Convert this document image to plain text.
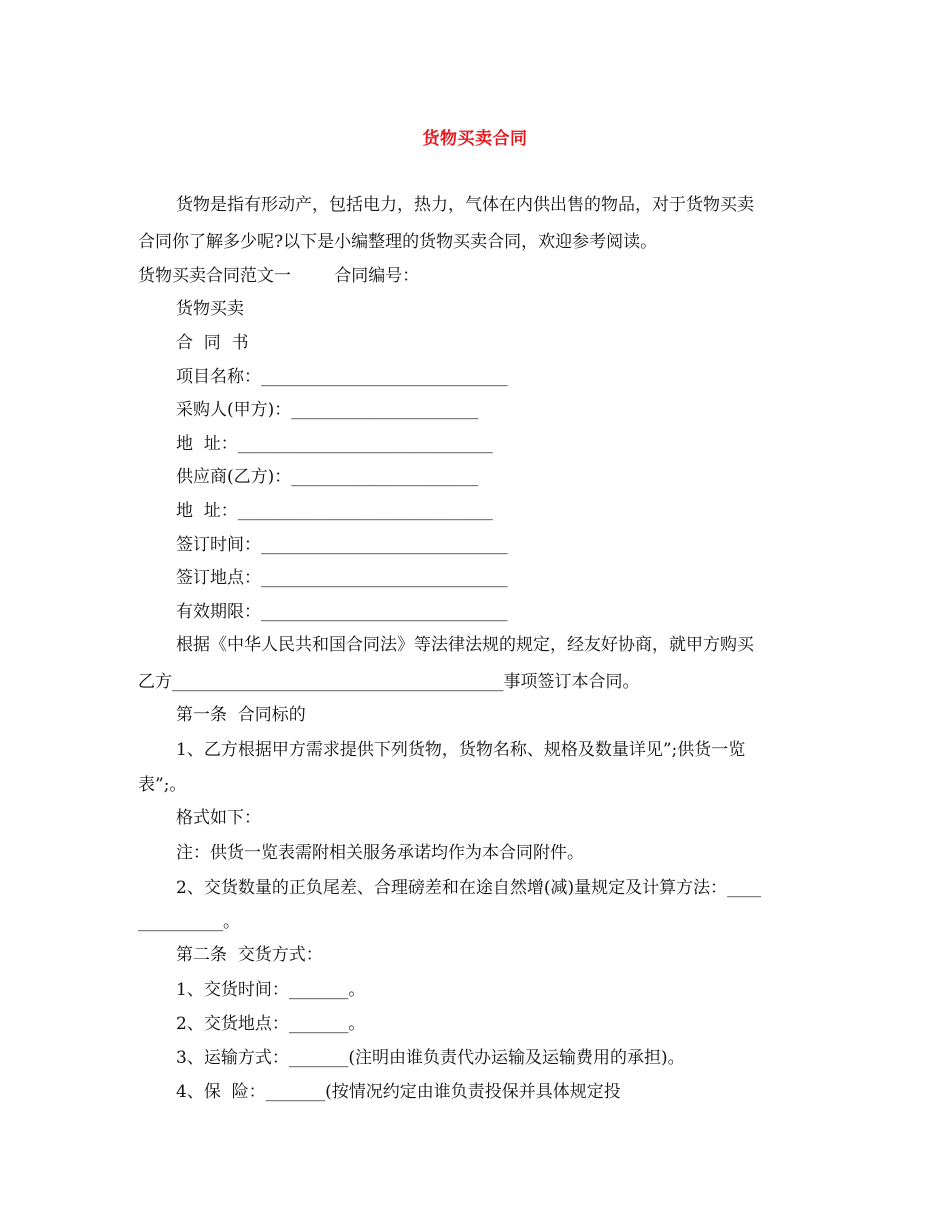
货物买卖合同
货物是指有形动产，包括电力，热力，气体在内供出售的物品，对于货物买卖
合同你了解多少呢?以下是小编整理的货物买卖合同，欢迎参考阅读。
货物买卖合同范文一        合同编号：
货物买卖
合  同  书
项目名称：_____________________________
采购人(甲方)：______________________
地  址：______________________________
供应商(乙方)：______________________
地  址：______________________________
签订时间：_____________________________
签订地点：_____________________________
有效期限：_____________________________
根据《中华人民共和国合同法》等法律法规的规定，经友好协商，就甲方购买
乙方_______________________________________事项签订本合同。
第一条  合同标的
1、乙方根据甲方需求提供下列货物，货物名称、规格及数量详见”;供货一览
表”;。
格式如下：
注：供货一览表需附相关服务承诺均作为本合同附件。
2、交货数量的正负尾差、合理磅差和在途自然增(减)量规定及计算方法：____
__________。
第二条  交货方式：
1、交货时间：_______。
2、交货地点：_______。
3、运输方式：_______(注明由谁负责代办运输及运输费用的承担)。
4、保  险：_______(按情况约定由谁负责投保并具体规定投
